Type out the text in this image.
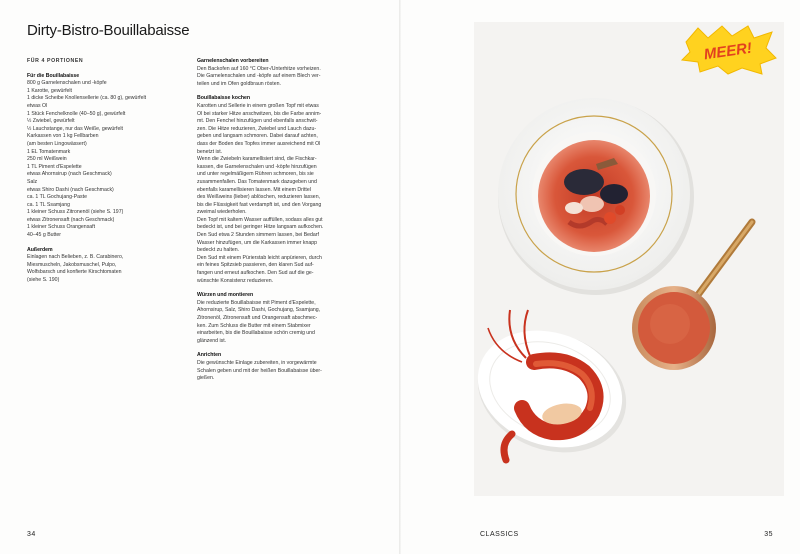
Dirty-Bistro-Bouillabaisse
FÜR 4 PORTIONEN
Für die Bouillabaisse
800 g Garnelenschalen und -köpfe
1 Karotte, gewürfelt
1 dicke Scheibe Knollensellerie (ca. 80 g), gewürfelt
etwas Öl
1 Stück Fenchelknolle (40–50 g), gewürfelt
½ Zwiebel, gewürfelt
½ Lauchstange, nur das Weiße, gewürfelt
Karkassen von 1 kg Fellbarben
(am besten Lingowässert)
1 EL Tomatenmark
250 ml Weißwein
1 TL Piment d'Espelette
etwas Ahornsirup (nach Geschmack)
Salz
etwas Shiro Dashi (nach Geschmack)
ca. 1 TL Gochujang-Paste
ca. 1 TL Ssamjang
1 kleiner Schuss Zitronenöl (siehe S. 197)
etwas Zitronensaft (nach Geschmack)
1 kleiner Schuss Orangensaft
40–45 g Butter
Außerdem
Einlagen nach Belieben, z. B. Carabinero,
Miesmuscheln, Jakobsmuschel, Pulpo,
Wolfsbarsch und konfierte Kirschtomaten
(siehe S. 190)
Garnelenschalen vorbereiten
Den Backofen auf 160 °C Ober-/Unterhitze vorheizen.
Die Garnelenschalen und -köpfe auf einem Blech ver-
teilen und im Ofen goldbraun rösten.
Bouillabaisse kochen
Karotten und Sellerie in einem großen Topf mit etwas
Öl bei starker Hitze anschwitzen, bis die Farbe annim-
mt. Den Fenchel hinzufügen und ebenfalls anschwit-
zen. Die Hitze reduzieren, Zwiebel und Lauch dazu-
geben und langsam schmoren. Dabei darauf achten,
dass der Boden des Topfes immer ausreichend mit Öl
benetzt ist.
Wenn die Zwiebeln karamellisiert sind, die Fischkar-
kassen, die Garnelenschalen und -köpfe hinzufügen
und unter regelmäßigem Rühren schmoren, bis sie
zusammenfallen. Das Tomatenmark dazugeben und
ebenfalls karamellisieren lassen. Mit einem Drittel
des Weißweins (lieber) ablöschen, reduzieren lassen,
bis die Flüssigkeit fast verdampft ist, und den Vorgang
zweimal wiederholen.
Den Topf mit kaltem Wasser auffüllen, sodass alles gut
bedeckt ist, und bei geringer Hitze langsam aufkochen.
Den Sud etwa 2 Stunden simmern lassen, bei Bedarf
Wasser hinzufügen, um die Karkassen immer knapp
bedeckt zu halten.
Den Sud mit einem Pürierstab leicht anpürieren, durch
ein feines Spitzsieb passieren, den klaren Sud auf-
fangen und erneut aufkochen. Den Sud auf die ge-
wünschte Konsistenz reduzieren.
Würzen und montieren
Die reduzierte Bouillabaisse mit Piment d'Espelette,
Ahornsirup, Salz, Shiro Dashi, Gochujang, Ssamjang,
Zitronenöl, Zitronensaft und Orangensaft abschmec-
ken. Zum Schluss die Butter mit einem Stabmixer
einarbeiten, bis die Bouillabaisse schön cremig und
glänzend ist.
Anrichten
Die gewünschte Einlage zubereiten, in vorgewärmte
Schalen geben und mit der heißen Bouillabaisse über-
gießen.
34	CLASSICS	35
MEER!
